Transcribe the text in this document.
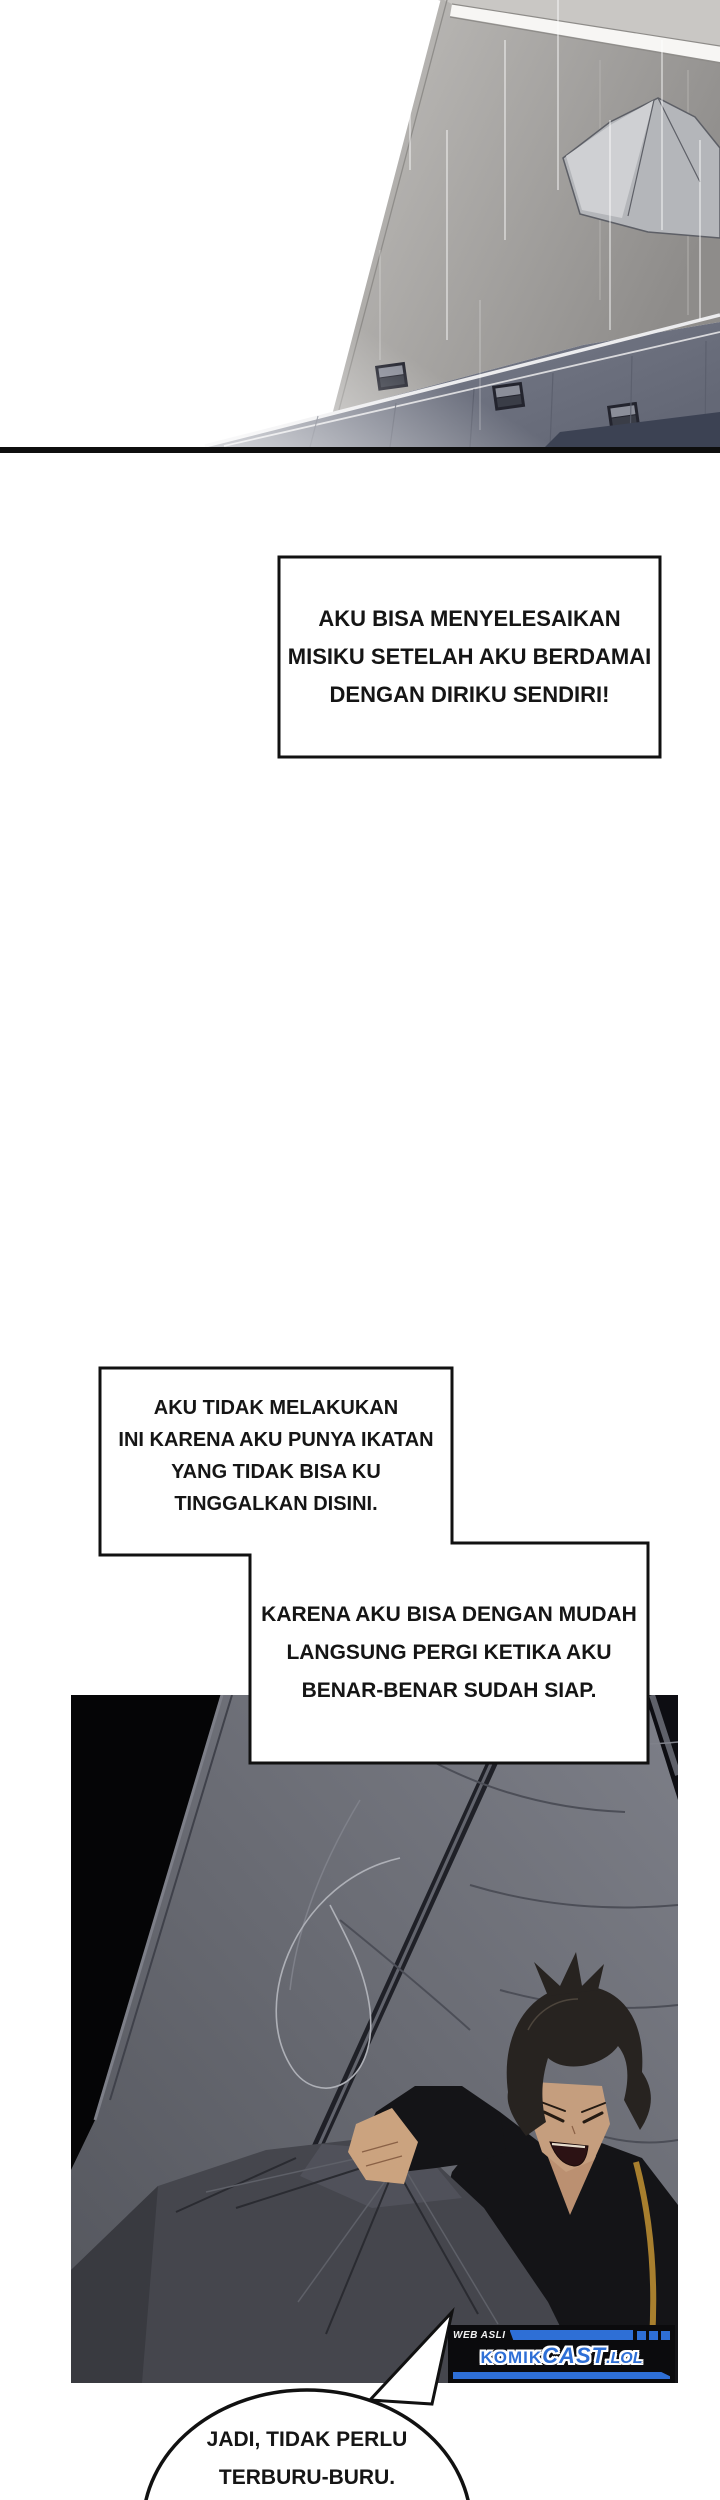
AKU BISA MENYELESAIKAN
MISIKU SETELAH AKU BERDAMAI
DENGAN DIRIKU SENDIRI!
AKU TIDAK MELAKUKAN
INI KARENA AKU PUNYA IKATAN
YANG TIDAK BISA KU
TINGGALKAN DISINI.
KARENA AKU BISA DENGAN MUDAH
LANGSUNG PERGI KETIKA AKU
BENAR-BENAR SUDAH SIAP.
JADI, TIDAK PERLU
TERBURU-BURU.
WEB ASLI
KOMIK CAST .LOL
